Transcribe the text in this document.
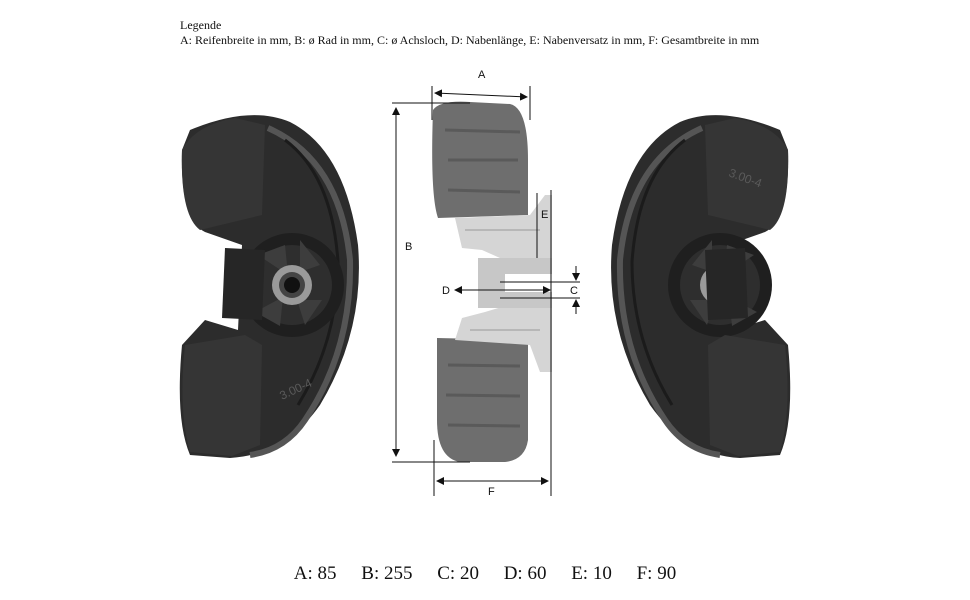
Legende
A: Reifenbreite in mm, B: ø Rad in mm, C: ø Achsloch, D: Nabenlänge, E: Nabenversatz in mm, F: Gesamtbreite in mm
3.00-4
3.00-4
A
B
E
C
D
F
A: 85 B: 255 C: 20 D: 60 E: 10 F: 90
